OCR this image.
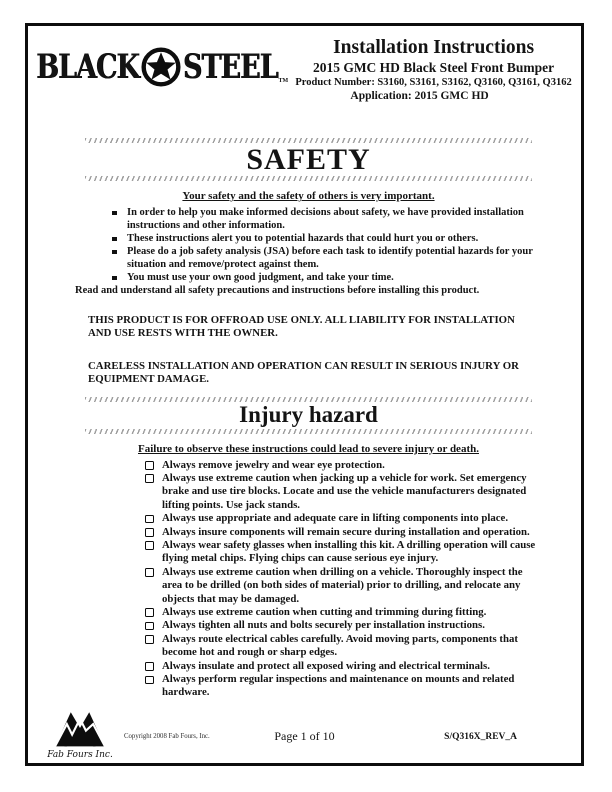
BLACK STEEL TM
Installation Instructions
2015 GMC HD Black Steel Front Bumper
Product Number: S3160, S3161, S3162, Q3160, Q3161, Q3162
Application: 2015 GMC HD
SAFETY

Your safety and the safety of others is very important.

In order to help you make informed decisions about safety, we have provided installation instructions and other information.
These instructions alert you to potential hazards that could hurt you or others.
Please do a job safety analysis (JSA) before each task to identify potential hazards for your situation and remove/protect against them.
You must use your own good judgment, and take your time.

Read and understand all safety precautions and instructions before installing this product.

THIS PRODUCT IS FOR OFFROAD USE ONLY. ALL LIABILITY FOR INSTALLATION AND USE RESTS WITH THE OWNER.

CARELESS INSTALLATION AND OPERATION CAN RESULT IN SERIOUS INJURY OR EQUIPMENT DAMAGE.

Injury hazard

Failure to observe these instructions could lead to severe injury or death.

Always remove jewelry and wear eye protection.
Always use extreme caution when jacking up a vehicle for work. Set emergency brake and use tire blocks. Locate and use the vehicle manufacturers designated lifting points. Use jack stands.
Always use appropriate and adequate care in lifting components into place.
Always insure components will remain secure during installation and operation.
Always wear safety glasses when installing this kit. A drilling operation will cause flying metal chips. Flying chips can cause serious eye injury.
Always use extreme caution when drilling on a vehicle. Thoroughly inspect the area to be drilled (on both sides of material) prior to drilling, and relocate any objects that may be damaged.
Always use extreme caution when cutting and trimming during fitting.
Always tighten all nuts and bolts securely per installation instructions.
Always route electrical cables carefully. Avoid moving parts, components that become hot and rough or sharp edges.
Always insulate and protect all exposed wiring and electrical terminals.
Always perform regular inspections and maintenance on mounts and related hardware.
Fab Fours Inc.
Copyright 2008 Fab Fours, Inc.	Page 1 of 10	S/Q316X_REV_A
